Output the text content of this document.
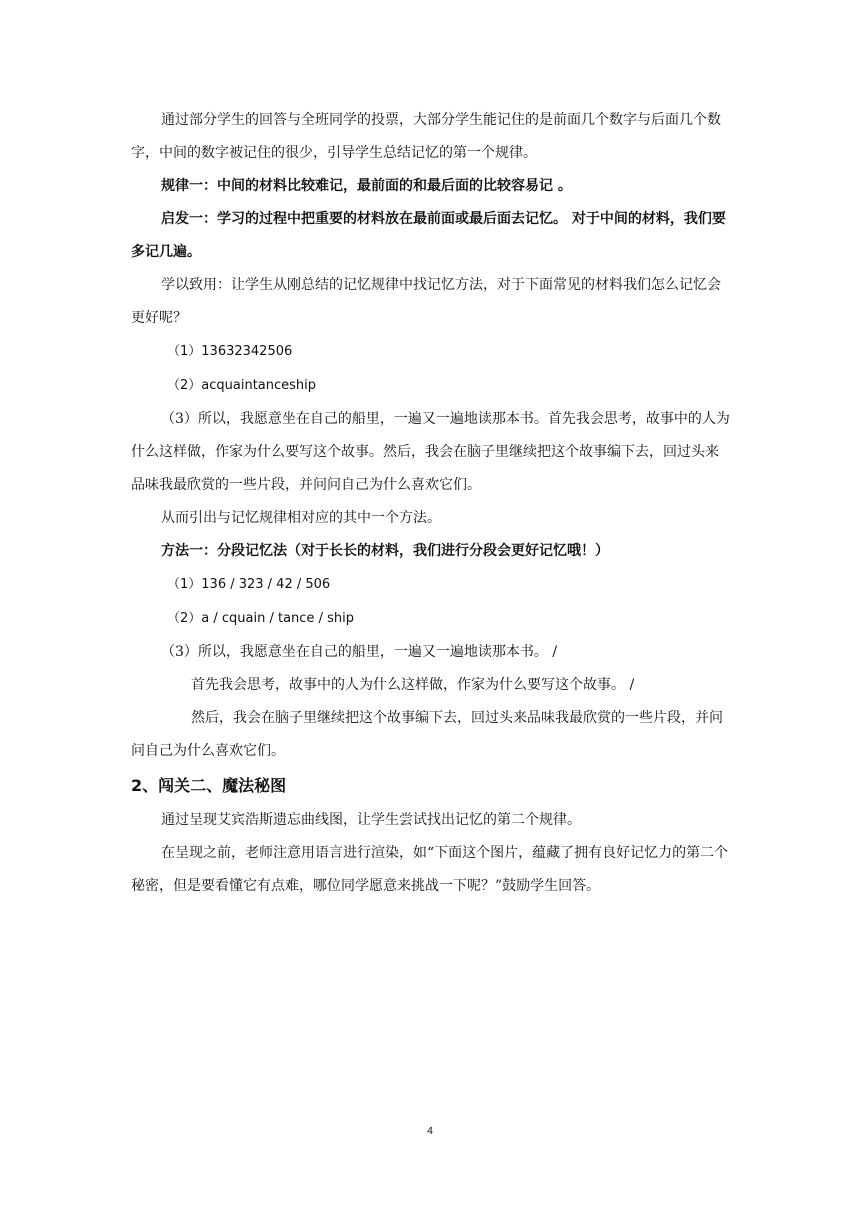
通过部分学生的回答与全班同学的投票，大部分学生能记住的是前面几个数字与后面几个数字，中间的数字被记住的很少，引导学生总结记忆的第一个规律。

规律一：中间的材料比较难记，最前面的和最后面的比较容易记 。

启发一：学习的过程中把重要的材料放在最前面或最后面去记忆。 对于中间的材料，我们要多记几遍。

学以致用：让学生从刚总结的记忆规律中找记忆方法，对于下面常见的材料我们怎么记忆会更好呢？

（1）13632342506

（2）acquaintanceship

（3）所以，我愿意坐在自己的船里，一遍又一遍地读那本书。首先我会思考，故事中的人为什么这样做，作家为什么要写这个故事。然后，我会在脑子里继续把这个故事编下去，回过头来品味我最欣赏的一些片段，并问问自己为什么喜欢它们。

从而引出与记忆规律相对应的其中一个方法。

方法一：分段记忆法（对于长长的材料，我们进行分段会更好记忆哦！）

（1）136 / 323 / 42 / 506

（2）a / cquain / tance / ship

（3）所以，我愿意坐在自己的船里，一遍又一遍地读那本书。 /

首先我会思考，故事中的人为什么这样做，作家为什么要写这个故事。 /

然后，我会在脑子里继续把这个故事编下去，回过头来品味我最欣赏的一些片段，并问问自己为什么喜欢它们。

2、闯关二、魔法秘图

通过呈现艾宾浩斯遗忘曲线图，让学生尝试找出记忆的第二个规律。

在呈现之前，老师注意用语言进行渲染，如“下面这个图片，蕴藏了拥有良好记忆力的第二个秘密，但是要看懂它有点难，哪位同学愿意来挑战一下呢？”鼓励学生回答。

4
